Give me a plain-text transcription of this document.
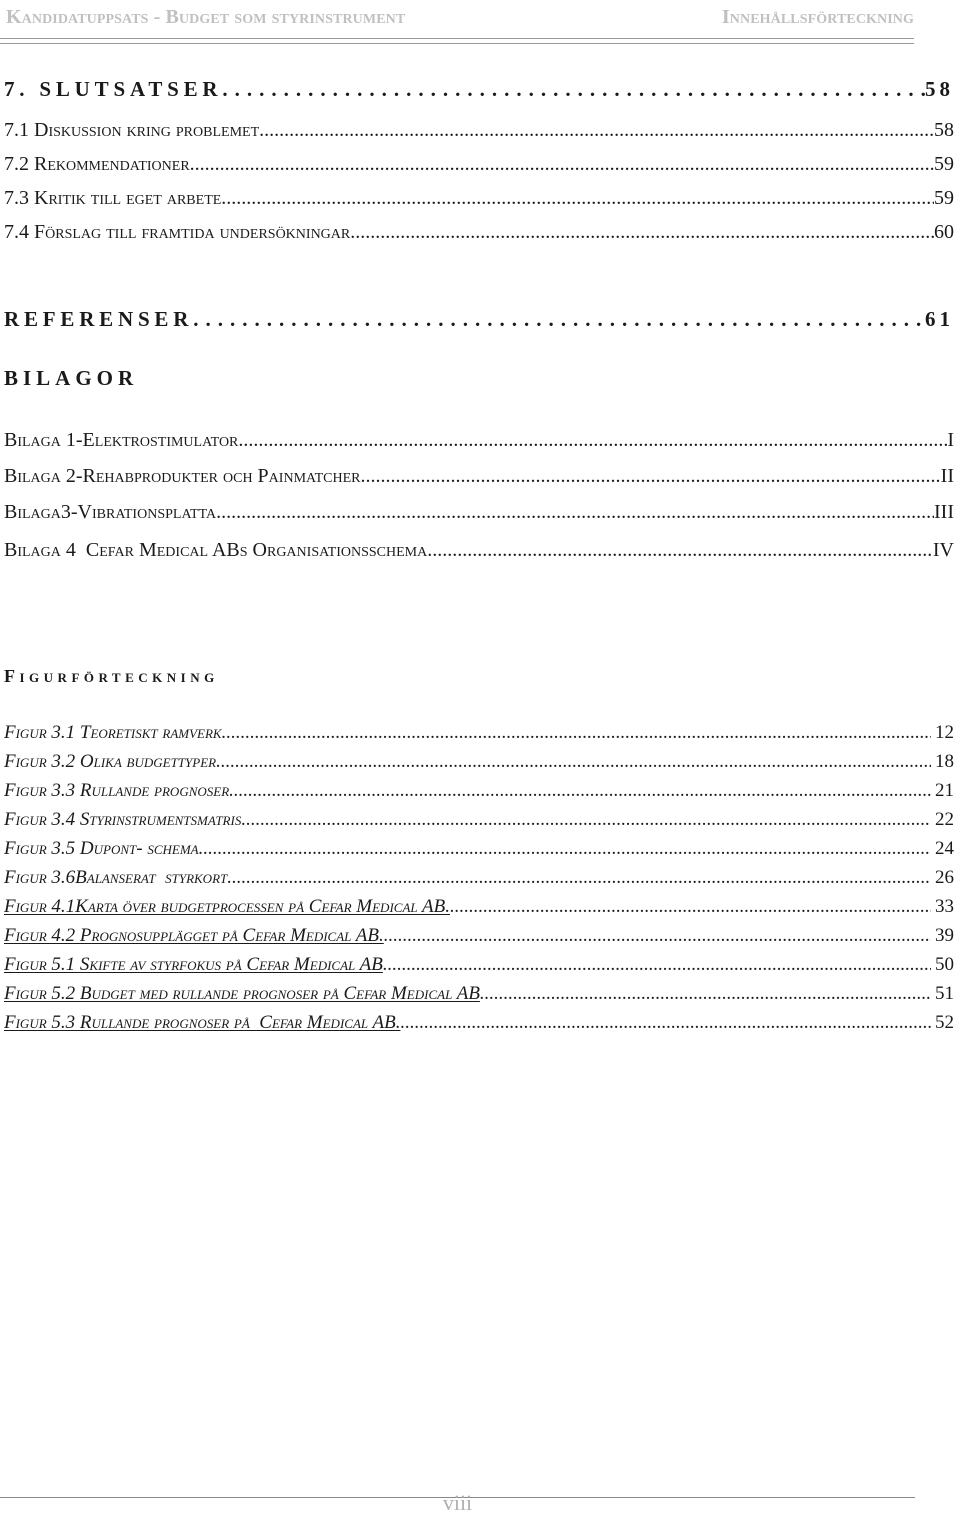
Kandidatuppsats - Budget som styrinstrument	Innehållsförteckning
7. SLUTSATSER .....	58
7.1 Diskussion kring problemet .....	58
7.2 Rekommendationer .....	59
7.3 Kritik till eget arbete .....	59
7.4 Förslag till framtida undersökningar .....	60
REFERENSER .....	61
BILAGOR
Bilaga 1-Elektrostimulator .....	I
Bilaga 2-Rehabprodukter och Painmatcher .....	II
Bilaga3-Vibrationsplatta .....	III
Bilaga 4  Cefar Medical ABs Organisationsschema .....	IV
Figurförteckning
Figur 3.1 Teoretiskt ramverk. .....	12
Figur 3.2 Olika budgettyper. .....	18
Figur 3.3 Rullande prognoser .....	21
Figur 3.4 Styrinstrumentsmatris .....	22
Figur 3.5 Dupont- schema .....	24
Figur 3.6Balanserat  styrkort. .....	26
Figur 4.1Karta över budgetprocessen på Cefar Medical AB. .....	33
Figur 4.2 Prognosupplägget på Cefar Medical AB. .....	39
Figur 5.1 Skifte av styrfokus på Cefar Medical AB .....	50
Figur 5.2 Budget med rullande prognoser på Cefar Medical AB .....	51
Figur 5.3 Rullande prognoser på  Cefar Medical AB. .....	52
viii
